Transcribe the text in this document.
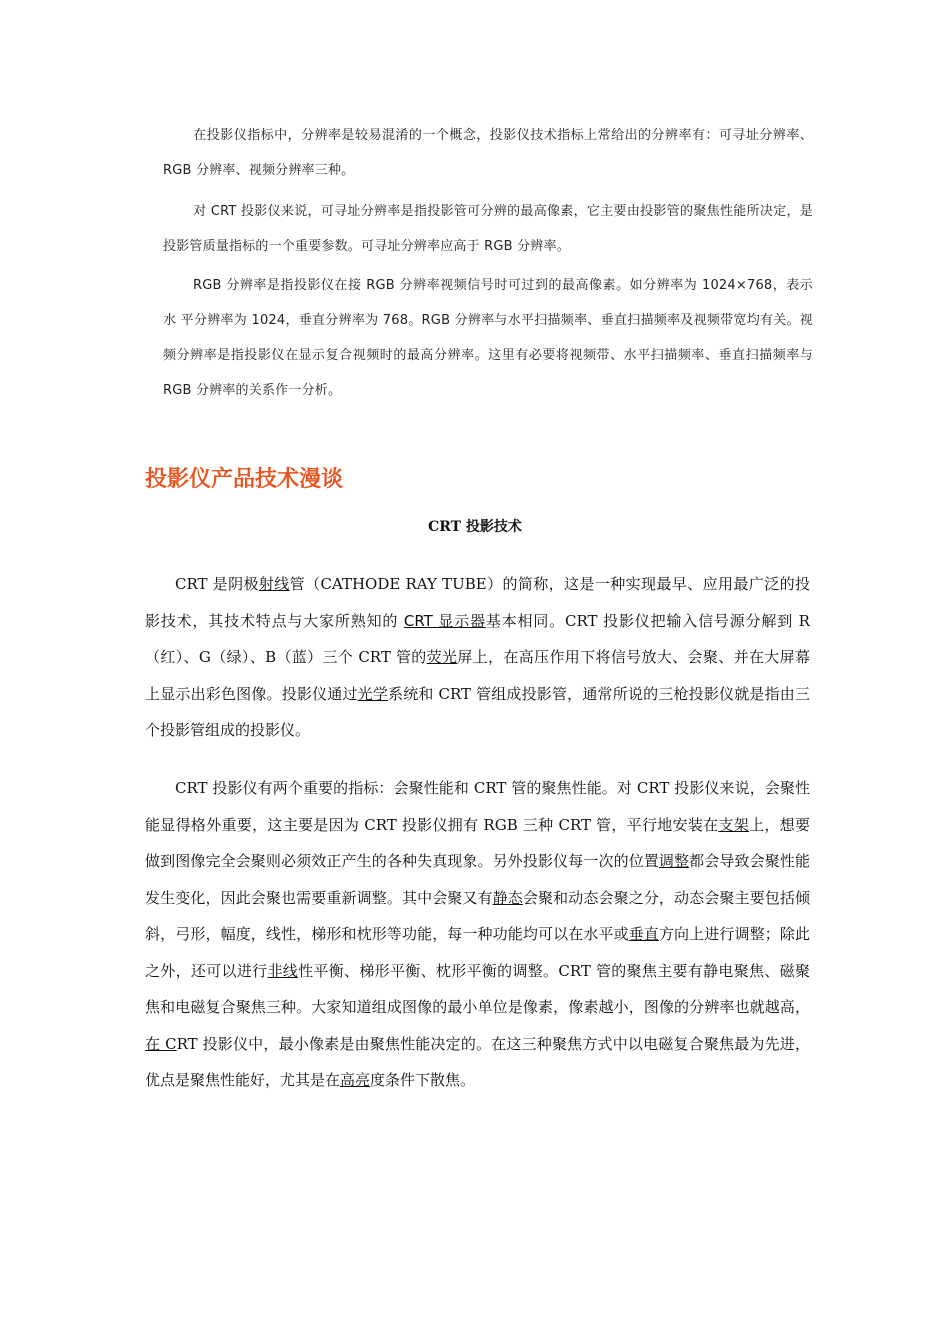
在投影仪指标中，分辨率是较易混淆的一个概念，投影仪技术指标上常给出的分辨率有：可寻址分辨率、RGB 分辨率、视频分辨率三种。

对 CRT 投影仪来说，可寻址分辨率是指投影管可分辨的最高像素，它主要由投影管的聚焦性能所决定，是投影管质量指标的一个重要参数。可寻址分辨率应高于 RGB 分辨率。

RGB 分辨率是指投影仪在接 RGB 分辨率视频信号时可过到的最高像素。如分辨率为 1024×768，表示水 平分辨率为 1024，垂直分辨率为 768。RGB 分辨率与水平扫描频率、垂直扫描频率及视频带宽均有关。视频分辨率是指投影仪在显示复合视频时的最高分辨率。这里有必要将视频带、水平扫描频率、垂直扫描频率与 RGB 分辨率的关系作一分析。

投影仪产品技术漫谈
CRT 投影技术

CRT 是阴极射线管（CATHODE RAY TUBE）的简称，这是一种实现最早、应用最广泛的投影技术，其技术特点与大家所熟知的 CRT 显示器基本相同。CRT 投影仪把输入信号源分解到 R（红）、G（绿）、B（蓝）三个 CRT 管的荧光屏上，在高压作用下将信号放大、会聚、并在大屏幕上显示出彩色图像。投影仪通过光学系统和 CRT 管组成投影管，通常所说的三枪投影仪就是指由三个投影管组成的投影仪。

CRT 投影仪有两个重要的指标：会聚性能和 CRT 管的聚焦性能。对 CRT 投影仪来说，会聚性能显得格外重要，这主要是因为 CRT 投影仪拥有 RGB 三种 CRT 管，平行地安装在支架上，想要做到图像完全会聚则必须效正产生的各种失真现象。另外投影仪每一次的位置调整都会导致会聚性能发生变化，因此会聚也需要重新调整。其中会聚又有静态会聚和动态会聚之分，动态会聚主要包括倾斜，弓形，幅度，线性，梯形和枕形等功能，每一种功能均可以在水平或垂直方向上进行调整；除此之外，还可以进行非线性平衡、梯形平衡、枕形平衡的调整。CRT 管的聚焦主要有静电聚焦、磁聚焦和电磁复合聚焦三种。大家知道组成图像的最小单位是像素，像素越小，图像的分辨率也就越高，在 CRT 投影仪中，最小像素是由聚焦性能决定的。在这三种聚焦方式中以电磁复合聚焦最为先进，优点是聚焦性能好，尤其是在高亮度条件下散焦。
